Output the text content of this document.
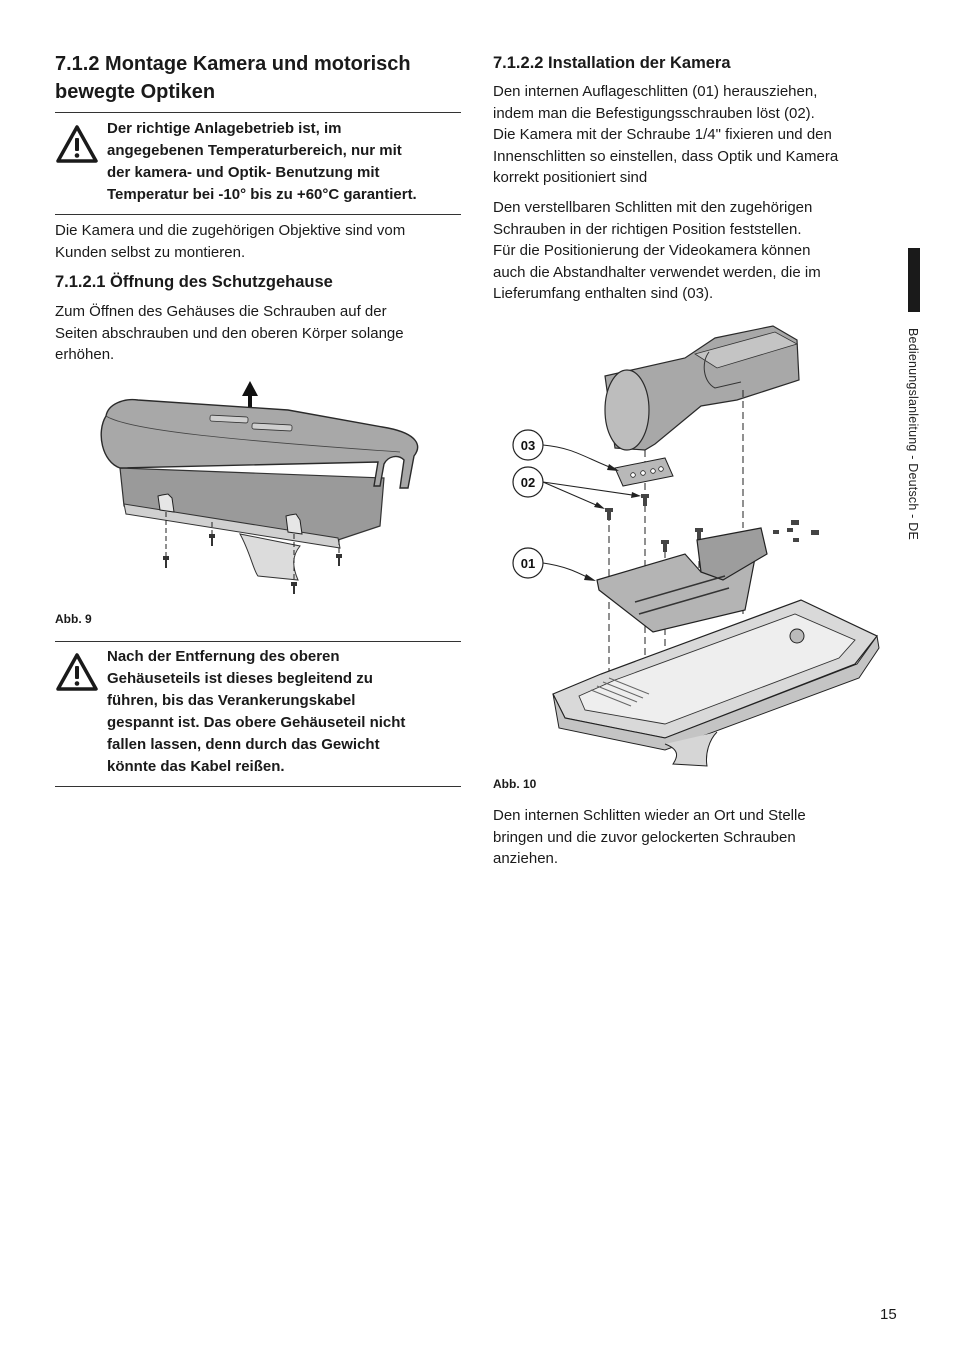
7.1.2 Montage Kamera und motorisch
bewegte Optiken
Der richtige Anlagebetrieb ist, im
angegebenen Temperaturbereich, nur mit
der kamera- und Optik- Benutzung mit
Temperatur bei -10° bis zu +60°C garantiert.
Die Kamera und die zugehörigen Objektive sind vom
Kunden selbst zu montieren.
7.1.2.1 Öffnung des Schutzgehause
Zum Öffnen des Gehäuses die Schrauben auf der
Seiten abschrauben und den oberen Körper solange
erhöhen.
Abb. 9
Nach der Entfernung des oberen
Gehäuseteils ist dieses begleitend zu
führen, bis das Verankerungskabel
gespannt ist. Das obere Gehäuseteil nicht
fallen lassen, denn durch das Gewicht
könnte das Kabel reißen.
7.1.2.2 Installation der Kamera
Den internen Auflageschlitten (01) herausziehen,
indem man die Befestigungsschrauben löst (02).
Die Kamera mit der Schraube 1/4" fixieren und den
Innenschlitten so einstellen, dass Optik und Kamera
korrekt positioniert sind
Den verstellbaren Schlitten mit den zugehörigen
Schrauben in der richtigen Position feststellen.
Für die Positionierung der Videokamera können
auch die Abstandhalter verwendet werden, die im
Lieferumfang enthalten sind (03).
03
02
01
Abb. 10
Den internen Schlitten wieder an Ort und Stelle
bringen und die zuvor gelockerten Schrauben
anziehen.
Bedienungslanleitung - Deutsch - DE
15
